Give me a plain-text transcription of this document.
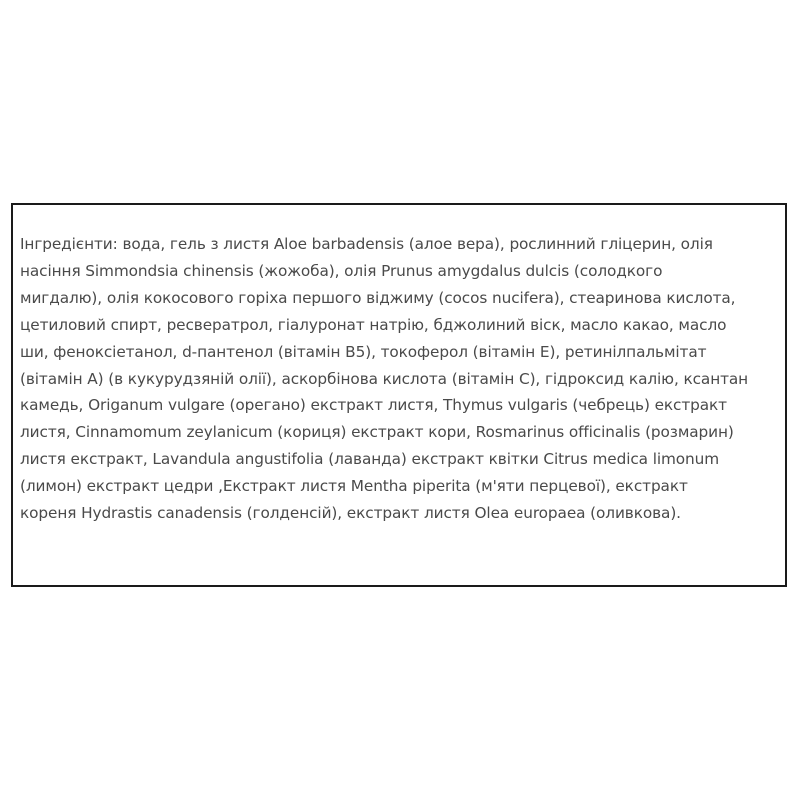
Інгредієнти: вода, гель з листя Aloe barbadensis (алое вера), рослинний гліцерин, олія
насіння Simmondsia chinensis (жожоба), олія Prunus amygdalus dulcis (солодкого
мигдалю), олія кокосового горіха першого віджиму (cocos nucifera), стеаринова кислота,
цетиловий спирт, ресвератрол, гіалуронат натрію, бджолиний віск, масло какао, масло
ши, феноксіетанол, d-пантенол (вітамін B5), токоферол (вітамін E), ретинілпальмітат
(вітамін A) (в кукурудзяній олії), аскорбінова кислота (вітамін C), гідроксид калію, ксантан
камедь, Origanum vulgare (орегано) екстракт листя, Thymus vulgaris (чебрець) екстракт
листя, Cinnamomum zeylanicum (кориця) екстракт кори, Rosmarinus officinalis (розмарин)
листя екстракт, Lavandula angustifolia (лаванда) екстракт квітки Citrus medica limonum
(лимон) екстракт цедри ,Екстракт листя Mentha piperita (м'яти перцевої), екстракт
кореня Hydrastis canadensis (голденсій), екстракт листя Olea europaea (оливкова).
